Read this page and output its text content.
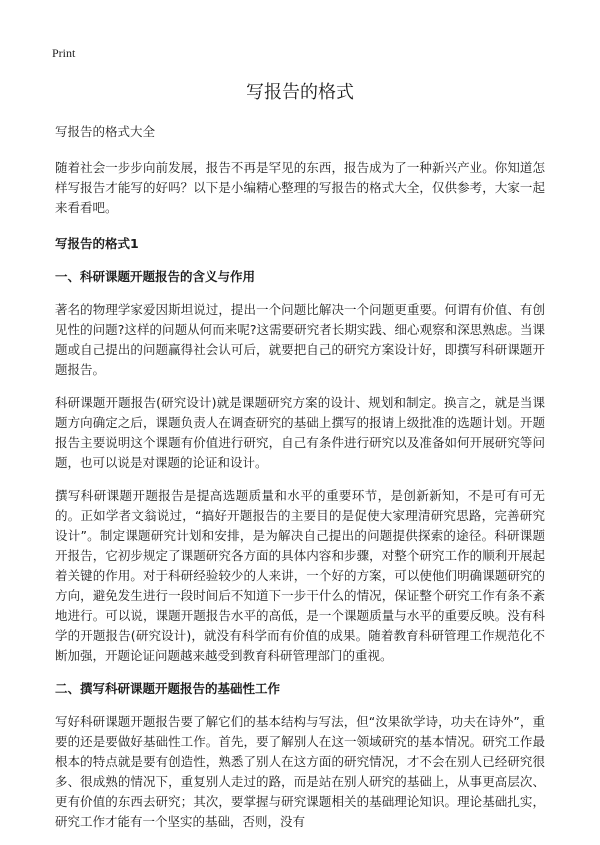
Print
写报告的格式

写报告的格式大全

随着社会一步步向前发展，报告不再是罕见的东西，报告成为了一种新兴产业。你知道怎样写报告才能写的好吗？以下是小编精心整理的写报告的格式大全，仅供参考，大家一起来看看吧。

写报告的格式1

一、科研课题开题报告的含义与作用

著名的物理学家爱因斯坦说过，提出一个问题比解决一个问题更重要。何谓有价值、有创见性的问题?这样的问题从何而来呢?这需要研究者长期实践、细心观察和深思熟虑。当课题或自己提出的问题赢得社会认可后，就要把自己的研究方案设计好，即撰写科研课题开题报告。

科研课题开题报告(研究设计)就是课题研究方案的设计、规划和制定。换言之，就是当课题方向确定之后，课题负责人在调查研究的基础上撰写的报请上级批准的选题计划。开题报告主要说明这个课题有价值进行研究，自己有条件进行研究以及准备如何开展研究等问题，也可以说是对课题的论证和设计。

撰写科研课题开题报告是提高选题质量和水平的重要环节，是创新新知，不是可有可无的。正如学者文翁说过，“搞好开题报告的主要目的是促使大家理清研究思路，完善研究设计”。制定课题研究计划和安排，是为解决自己提出的问题提供探索的途径。科研课题开报告，它初步规定了课题研究各方面的具体内容和步骤，对整个研究工作的顺利开展起着关键的作用。对于科研经验较少的人来讲，一个好的方案，可以使他们明确课题研究的方向，避免发生进行一段时间后不知道下一步干什么的情况，保证整个研究工作有条不紊地进行。可以说，课题开题报告水平的高低，是一个课题质量与水平的重要反映。没有科学的开题报告(研究设计)，就没有科学而有价值的成果。随着教育科研管理工作规范化不断加强，开题论证问题越来越受到教育科研管理部门的重视。

二、撰写科研课题开题报告的基础性工作

写好科研课题开题报告要了解它们的基本结构与写法，但“汝果欲学诗，功夫在诗外”，重要的还是要做好基础性工作。首先，要了解别人在这一领域研究的基本情况。研究工作最根本的特点就是要有创造性，熟悉了别人在这方面的研究情况，才不会在别人已经研究很多、很成熟的情况下，重复别人走过的路，而是站在别人研究的基础上，从事更高层次、更有价值的东西去研究；其次，要掌握与研究课题相关的基础理论知识。理论基础扎实，研究工作才能有一个坚实的基础，否则，没有
